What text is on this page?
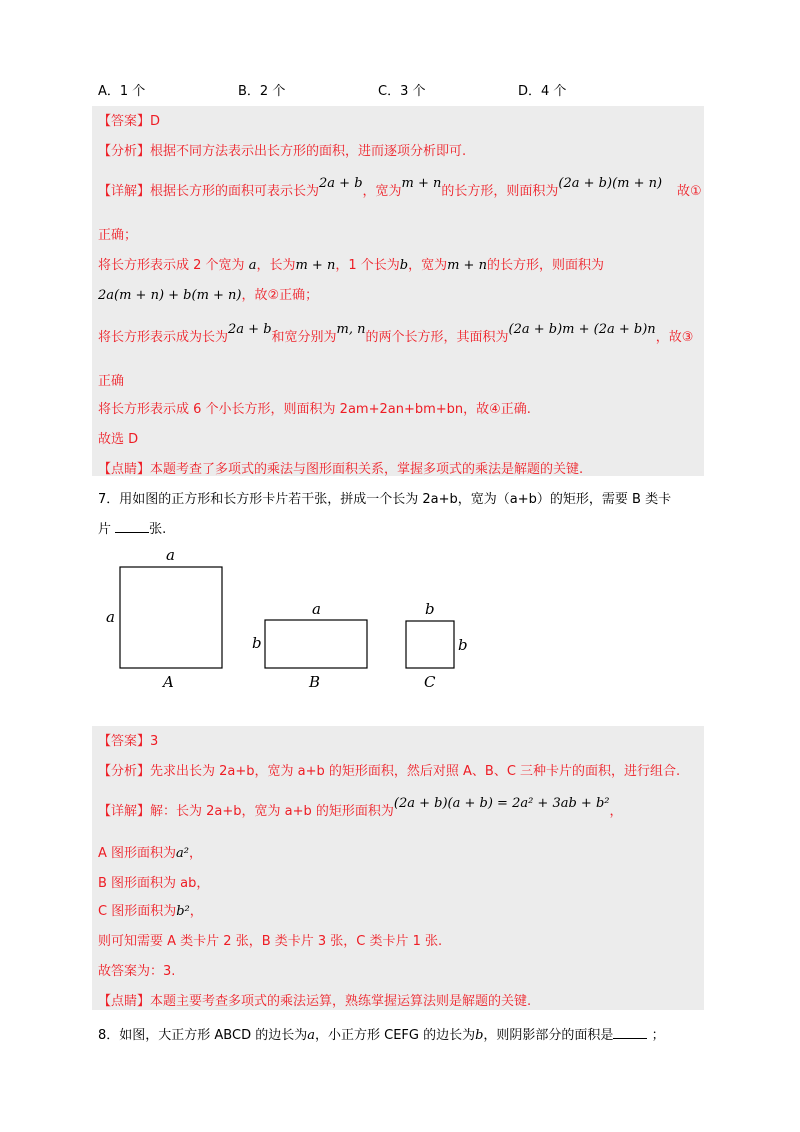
A．1 个	B．2 个	C．3 个	D．4 个
【答案】D
【分析】根据不同方法表示出长方形的面积，进而逐项分析即可.
【详解】根据长方形的面积可表示长为2a + b，宽为m + n的长方形，则面积为(2a + b)(m + n)
故①
正确；
将长方形表示成 2 个宽为 a，长为m + n，1 个长为b，宽为m + n的长方形，则面积为
2a(m + n) + b(m + n)，故②正确；
将长方形表示成为长为2a + b和宽分别为m, n的两个长方形，其面积为(2a + b)m + (2a + b)n，故③
正确
将长方形表示成 6 个小长方形，则面积为 2am+2an+bm+bn，故④正确.
故选 D
【点睛】本题考查了多项式的乘法与图形面积关系，掌握多项式的乘法是解题的关键.
7．用如图的正方形和长方形卡片若干张，拼成一个长为 2a+b，宽为（a+b）的矩形，需要 B 类卡
片	张.
a
a
A
a
b
B
b
b
C
【答案】3
【分析】先求出长为 2a+b，宽为 a+b 的矩形面积，然后对照 A、B、C 三种卡片的面积，进行组合.
【详解】解：长为 2a+b，宽为 a+b 的矩形面积为(2a + b)(a + b) = 2a² + 3ab + b²，
A 图形面积为a²，
B 图形面积为 ab，
C 图形面积为b²，
则可知需要 A 类卡片 2 张，B 类卡片 3 张，C 类卡片 1 张.
故答案为：3.
【点睛】本题主要考查多项式的乘法运算，熟练掌握运算法则是解题的关键.
8．如图，大正方形 ABCD 的边长为a，小正方形 CEFG 的边长为b，则阴影部分的面积是	；
